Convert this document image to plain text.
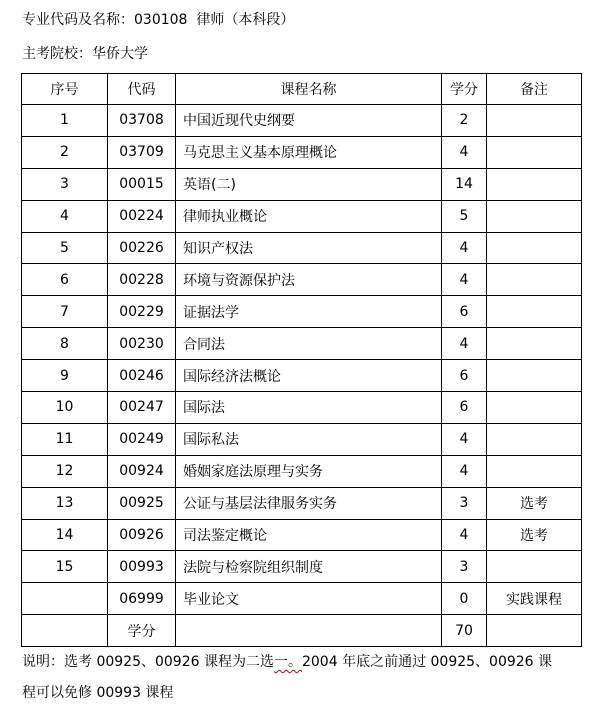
专业代码及名称：030108 律师（本科段）
主考院校：华侨大学
序号	代码	课程名称	学分	备注
1	03708	中国近现代史纲要	2	
2	03709	马克思主义基本原理概论	4	
3	00015	英语(二)	14	
4	00224	律师执业概论	5	
5	00226	知识产权法	4	
6	00228	环境与资源保护法	4	
7	00229	证据法学	6	
8	00230	合同法	4	
9	00246	国际经济法概论	6	
10	00247	国际法	6	
11	00249	国际私法	4	
12	00924	婚姻家庭法原理与实务	4	
13	00925	公证与基层法律服务实务	3	选考
14	00926	司法鉴定概论	4	选考
15	00993	法院与检察院组织制度	3	
	06999	毕业论文	0	实践课程
	学分		70	
说明：选考 00925、00926 课程为二选一。2004 年底之前通过 00925、00926 课
程可以免修 00993 课程
